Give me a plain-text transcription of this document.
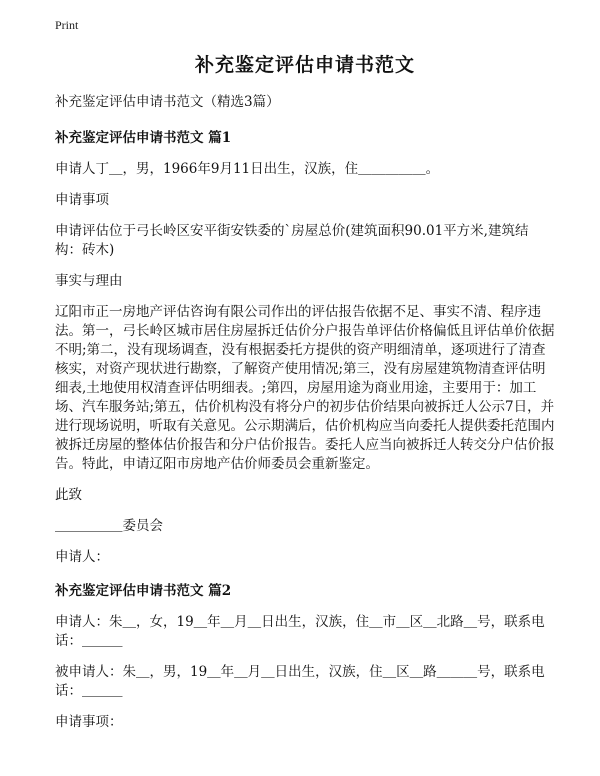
Print
补充鉴定评估申请书范文

补充鉴定评估申请书范文（精选3篇）

补充鉴定评估申请书范文 篇1

申请人丁＿，男，1966年9月11日出生，汉族，住＿＿＿＿＿。

申请事项

申请评估位于弓长岭区安平街安铁委的`房屋总价(建筑面积90.01平方米,建筑结构：砖木)

事实与理由

辽阳市正一房地产评估咨询有限公司作出的评估报告依据不足、事实不清、程序违法。第一，弓长岭区城市居住房屋拆迁估价分户报告单评估价格偏低且评估单价依据不明;第二，没有现场调查，没有根据委托方提供的资产明细清单，逐项进行了清查核实，对资产现状进行勘察，了解资产使用情况;第三，没有房屋建筑物清查评估明细表,土地使用权清查评估明细表。;第四，房屋用途为商业用途，主要用于：加工场、汽车服务站;第五，估价机构没有将分户的初步估价结果向被拆迁人公示7日，并进行现场说明，听取有关意见。公示期满后，估价机构应当向委托人提供委托范围内被拆迁房屋的整体估价报告和分户估价报告。委托人应当向被拆迁人转交分户估价报告。特此，申请辽阳市房地产估价师委员会重新鉴定。

此致

＿＿＿＿＿委员会

申请人：

补充鉴定评估申请书范文 篇2

申请人：朱＿，女，19＿年＿月＿日出生，汉族，住＿市＿区＿北路＿号，联系电话：＿＿＿

被申请人：朱＿，男，19＿年＿月＿日出生，汉族，住＿区＿路＿＿＿号，联系电话：＿＿＿

申请事项：
